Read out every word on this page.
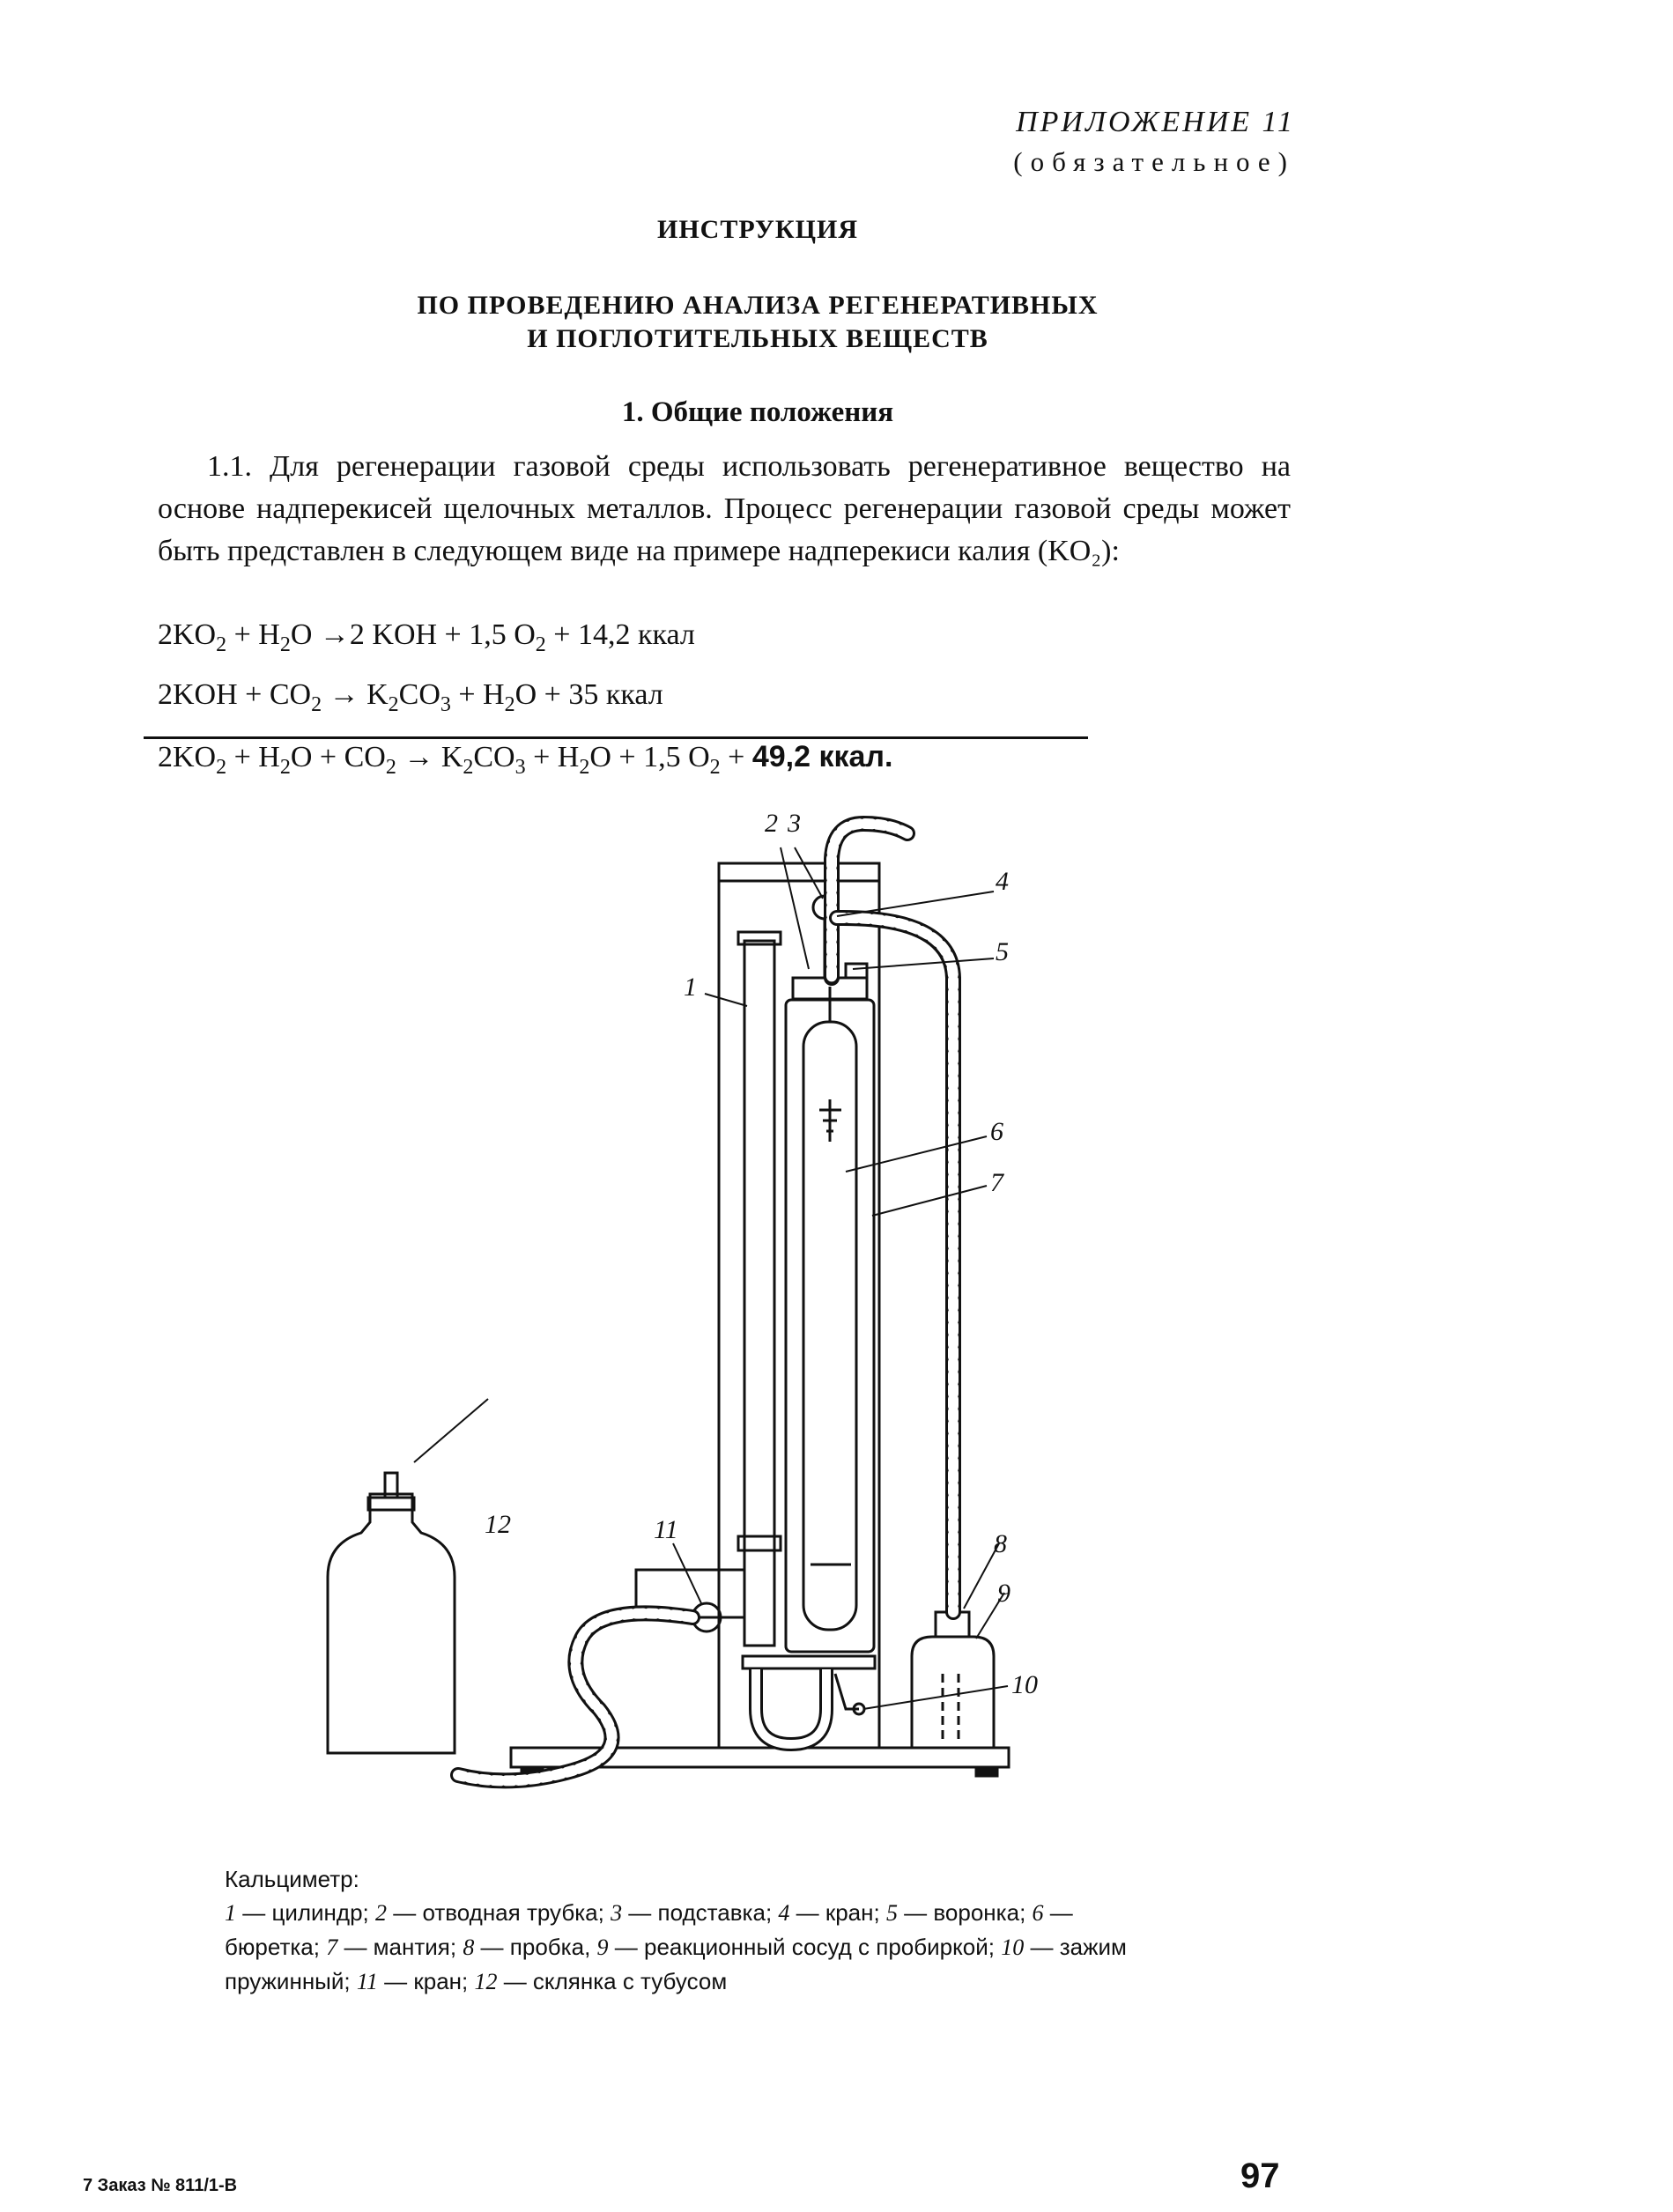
ПРИЛОЖЕНИЕ 11
(обязательное)
ИНСТРУКЦИЯ
ПО ПРОВЕДЕНИЮ АНАЛИЗА РЕГЕНЕРАТИВНЫХ
И ПОГЛОТИТЕЛЬНЫХ ВЕЩЕСТВ
1. Общие положения
1.1. Для регенерации газовой среды использовать регенеративное вещество на основе надперекисей щелочных металлов. Процесс регенерации газовой среды может быть представлен в следующем виде на примере надперекиси калия (KO₂):
$2KO_2 + H_2O \to 2$ KOH + 1,5 $O_2 + 14,2$ ккал
$2KOH + CO_2 \to K_2CO_3 + H_2O + 35$ ккал
$2KO_2 + H_2O + CO_2 \to K_2CO_3 + H_2O + 1,5$ $O_2 + 49,2$ ккал.
2 3
4
5
1
6
7
12	11	8
9
10
Кальциметр:
1 — цилиндр; 2 — отводная трубка; 3 — подставка; 4 — кран; 5 — воронка; 6 — бюретка; 7 — мантия; 8 — пробка, 9 — реакционный сосуд с пробиркой; 10 — зажим пружинный; 11 — кран; 12 — склянка с тубусом
7 Заказ № 811/1-В	97
